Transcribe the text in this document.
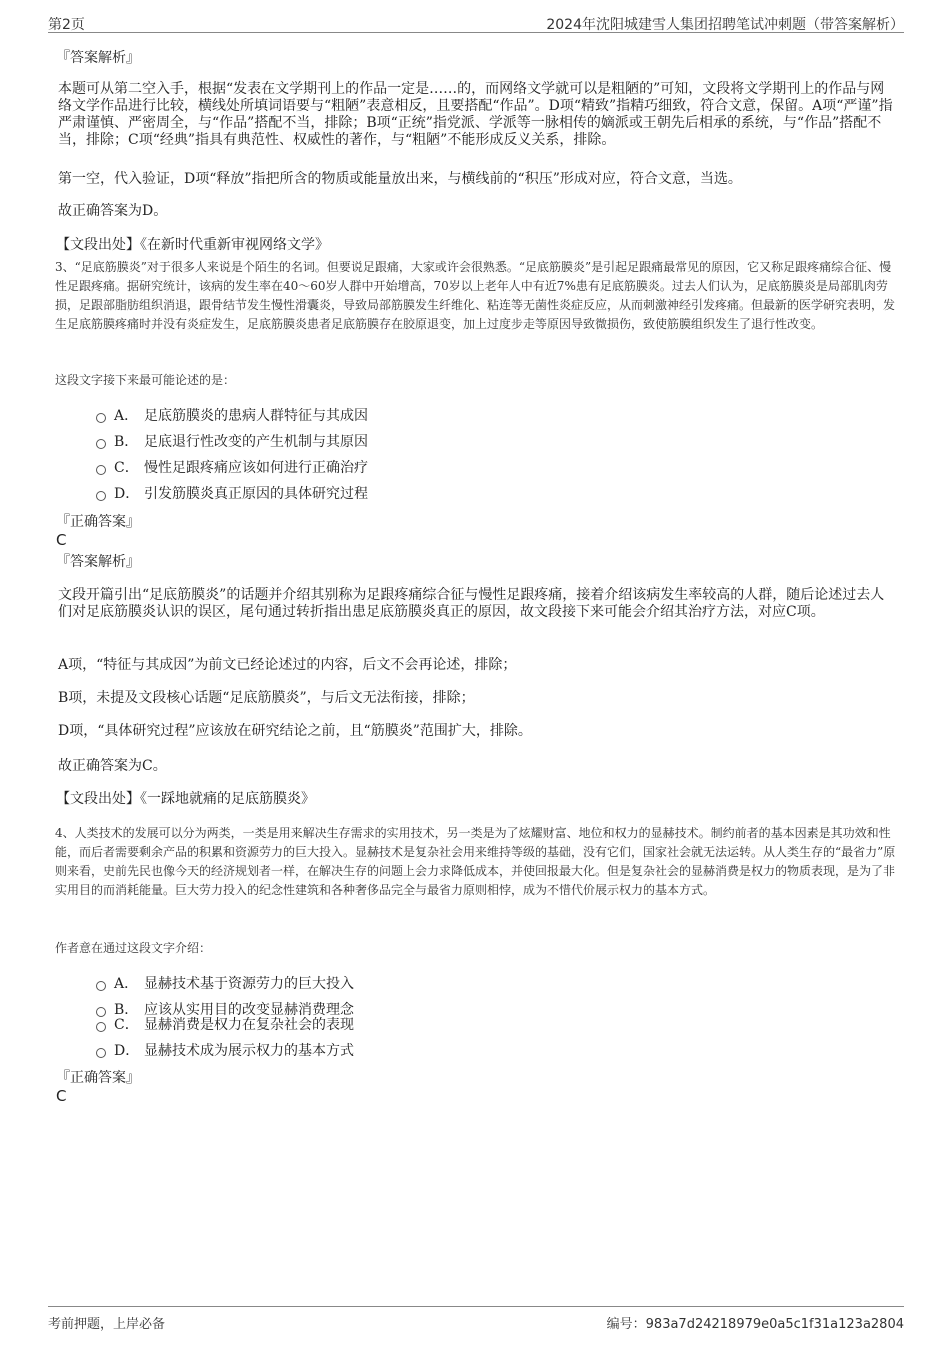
第2页	2024年沈阳城建雪人集团招聘笔试冲刺题（带答案解析）
『答案解析』
本题可从第二空入手，根据“发表在文学期刊上的作品一定是……的，而网络文学就可以是粗陋的”可知，文段将文学期刊上的作品与网络文学作品进行比较，横线处所填词语要与“粗陋”表意相反，且要搭配“作品”。D项“精致”指精巧细致，符合文意，保留。A项“严谨”指严肃谨慎、严密周全，与“作品”搭配不当，排除；B项“正统”指党派、学派等一脉相传的嫡派或王朝先后相承的系统，与“作品”搭配不当，排除；C项“经典”指具有典范性、权威性的著作，与“粗陋”不能形成反义关系，排除。
第一空，代入验证，D项“释放”指把所含的物质或能量放出来，与横线前的“积压”形成对应，符合文意，当选。
故正确答案为D。
【文段出处】《在新时代重新审视网络文学》
3、“足底筋膜炎”对于很多人来说是个陌生的名词。但要说足跟痛，大家或许会很熟悉。“足底筋膜炎”是引起足跟痛最常见的原因，它又称足跟疼痛综合征、慢性足跟疼痛。据研究统计，该病的发生率在40～60岁人群中开始增高，70岁以上老年人中有近7%患有足底筋膜炎。过去人们认为，足底筋膜炎是局部肌肉劳损，足跟部脂肪组织消退，跟骨结节发生慢性滑囊炎，导致局部筋膜发生纤维化、粘连等无菌性炎症反应，从而刺激神经引发疼痛。但最新的医学研究表明，发生足底筋膜疼痛时并没有炎症发生，足底筋膜炎患者足底筋膜存在胶原退变，加上过度步走等原因导致微损伤，致使筋膜组织发生了退行性改变。
这段文字接下来最可能论述的是：
A． 足底筋膜炎的患病人群特征与其成因
B． 足底退行性改变的产生机制与其原因
C． 慢性足跟疼痛应该如何进行正确治疗
D． 引发筋膜炎真正原因的具体研究过程
『正确答案』
C
『答案解析』
文段开篇引出“足底筋膜炎”的话题并介绍其别称为足跟疼痛综合征与慢性足跟疼痛，接着介绍该病发生率较高的人群，随后论述过去人们对足底筋膜炎认识的误区，尾句通过转折指出患足底筋膜炎真正的原因，故文段接下来可能会介绍其治疗方法，对应C项。
A项，“特征与其成因”为前文已经论述过的内容，后文不会再论述，排除；
B项，未提及文段核心话题“足底筋膜炎”，与后文无法衔接，排除；
D项，“具体研究过程”应该放在研究结论之前，且“筋膜炎”范围扩大，排除。
故正确答案为C。
【文段出处】《一踩地就痛的足底筋膜炎》
4、人类技术的发展可以分为两类，一类是用来解决生存需求的实用技术，另一类是为了炫耀财富、地位和权力的显赫技术。制约前者的基本因素是其功效和性能，而后者需要剩余产品的积累和资源劳力的巨大投入。显赫技术是复杂社会用来维持等级的基础，没有它们，国家社会就无法运转。从人类生存的“最省力”原则来看，史前先民也像今天的经济规划者一样，在解决生存的问题上会力求降低成本，并使回报最大化。但是复杂社会的显赫消费是权力的物质表现，是为了非实用目的而消耗能量。巨大劳力投入的纪念性建筑和各种奢侈品完全与最省力原则相悖，成为不惜代价展示权力的基本方式。
作者意在通过这段文字介绍：
A． 显赫技术基于资源劳力的巨大投入
B． 应该从实用目的改变显赫消费理念
C． 显赫消费是权力在复杂社会的表现
D． 显赫技术成为展示权力的基本方式
『正确答案』
C
考前押题，上岸必备	编号：983a7d24218979e0a5c1f31a123a2804
